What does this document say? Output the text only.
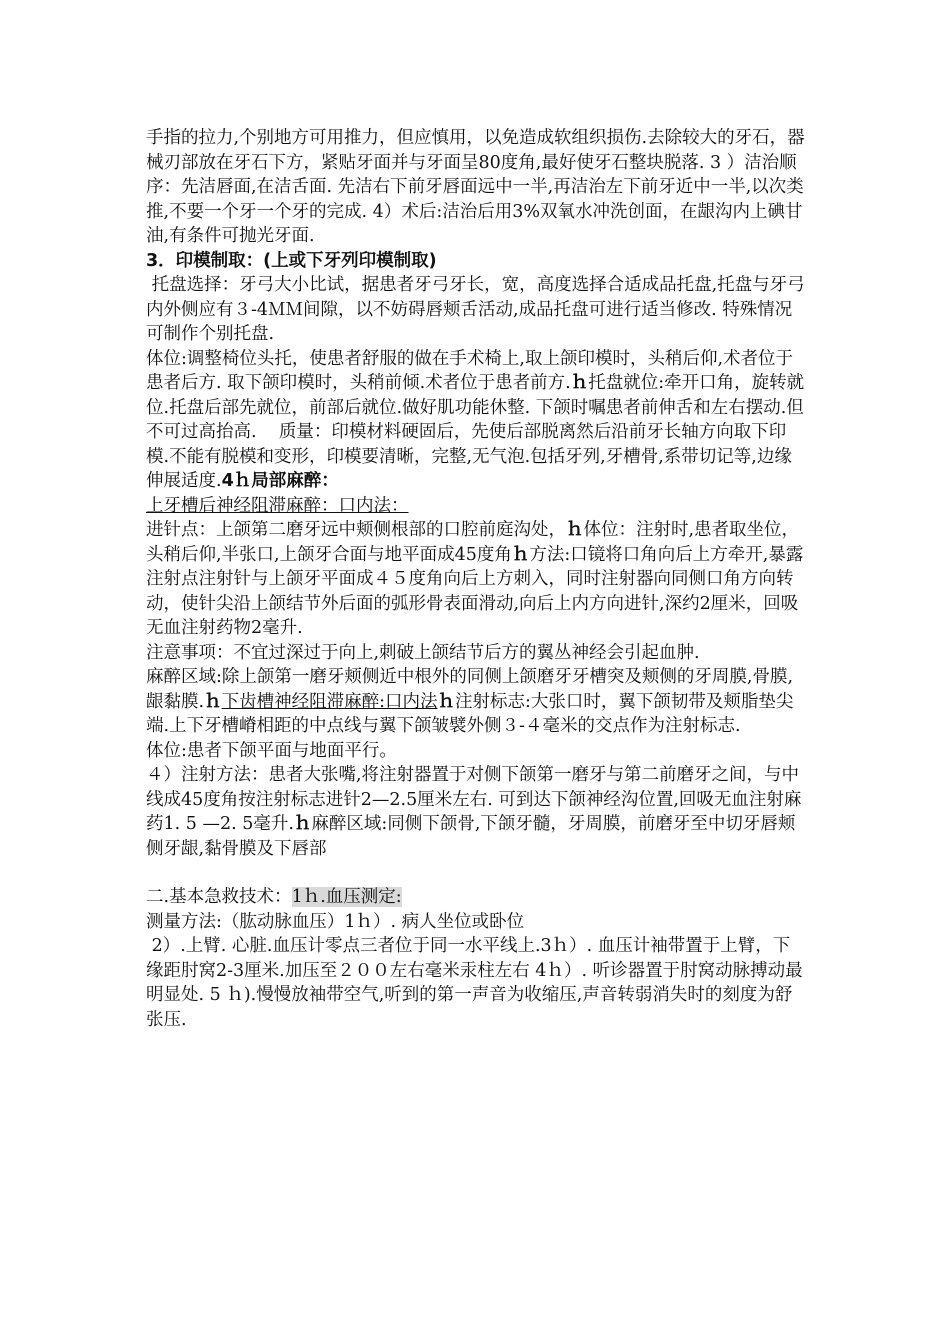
手指的拉力,个别地方可用推力，但应慎用，以免造成软组织损伤.去除较大的牙石，器械刃部放在牙石下方，紧贴牙面并与牙面呈80度角,最好使牙石整块脱落. 3 ）洁治顺序：先洁唇面,在洁舌面. 先洁右下前牙唇面远中一半,再洁治左下前牙近中一半,以次类推,不要一个牙一个牙的完成. 4）术后:洁治后用3%双氧水冲洗创面，在龈沟内上碘甘油,有条件可抛光牙面.

3．印模制取：(上或下牙列印模制取)

托盘选择：牙弓大小比试，据患者牙弓牙长，宽，高度选择合适成品托盘,托盘与牙弓内外侧应有３-4ＭＭ间隙，以不妨碍唇颊舌活动,成品托盘可进行适当修改. 特殊情况可制作个别托盘.

体位:调整椅位头托，使患者舒服的做在手术椅上,取上颌印模时，头稍后仰,术者位于患者后方. 取下颌印模时，头稍前倾.术者位于患者前方.ｈ托盘就位:牵开口角，旋转就位.托盘后部先就位，前部后就位.做好肌功能休整. 下颌时嘱患者前伸舌和左右摆动.但不可过高抬高.    质量：印模材料硬固后，先使后部脱离然后沿前牙长轴方向取下印模.不能有脱模和变形，印模要清晰，完整,无气泡.包括牙列,牙槽骨,系带切记等,边缘伸展适度.4ｈ局部麻醉：

上牙槽后神经阻滞麻醉：口内法：

进针点：上颌第二磨牙远中颊侧根部的口腔前庭沟处，ｈ体位：注射时,患者取坐位，头稍后仰,半张口,上颌牙合面与地平面成45度角ｈ方法:口镜将口角向后上方牵开,暴露注射点注射针与上颌牙平面成４５度角向后上方刺入，同时注射器向同侧口角方向转动，使针尖沿上颌结节外后面的弧形骨表面滑动,向后上内方向进针,深约2厘米，回吸无血注射药物2毫升.

注意事项：不宜过深过于向上,刺破上颌结节后方的翼丛神经会引起血肿.

麻醉区域:除上颌第一磨牙颊侧近中根外的同侧上颌磨牙牙槽突及颊侧的牙周膜,骨膜,龈黏膜.ｈ下齿槽神经阻滞麻醉:口内法ｈ注射标志:大张口时，翼下颌韧带及颊脂垫尖端.上下牙槽嵴相距的中点线与翼下颌皱襞外侧３-４毫米的交点作为注射标志.

体位:患者下颌平面与地面平行。

４）注射方法：患者大张嘴,将注射器置于对侧下颌第一磨牙与第二前磨牙之间，与中线成45度角按注射标志进针2—2.5厘米左右. 可到达下颌神经沟位置,回吸无血注射麻药1. 5 —2. 5毫升.ｈ麻醉区域:同侧下颌骨,下颌牙髓，牙周膜，前磨牙至中切牙唇颊侧牙龈,黏骨膜及下唇部

二.基本急救技术：1ｈ.血压测定:

测量方法:（肱动脉血压）1ｈ）. 病人坐位或卧位

2）.上臂. 心脏.血压计零点三者位于同一水平线上.3ｈ）. 血压计袖带置于上臂，下缘距肘窝2-3厘米.加压至２００左右毫米汞柱左右 4ｈ）. 听诊器置于肘窝动脉搏动最明显处. 5 ｈ).慢慢放袖带空气,听到的第一声音为收缩压,声音转弱消失时的刻度为舒张压.
